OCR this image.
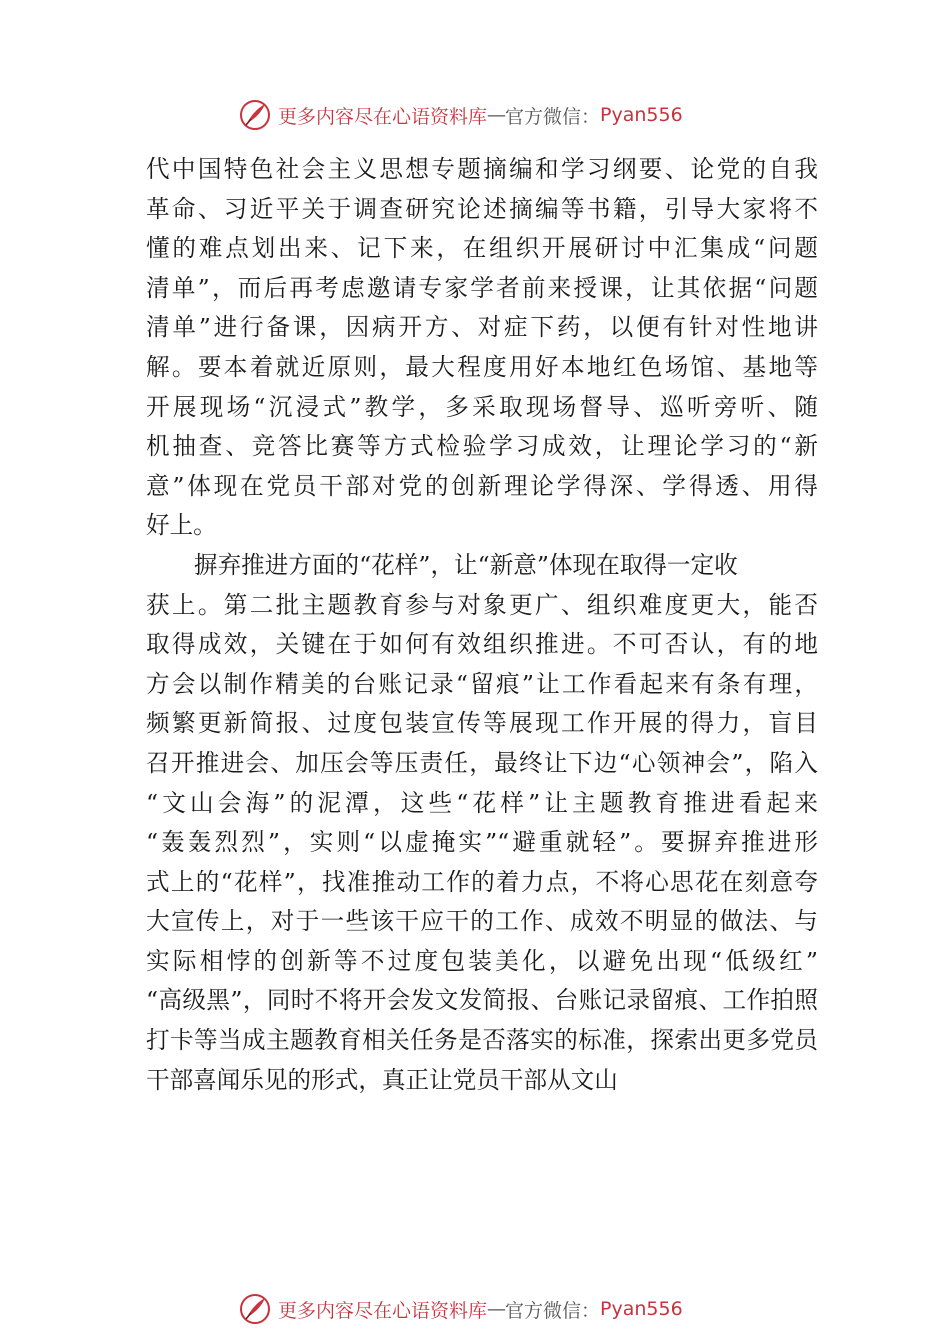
更多内容尽在心语资料库 — 官方微信： Pyan556
代中国特色社会主义思想专题摘编和学习纲要、论党的自我
革命、习近平关于调查研究论述摘编等书籍，引导大家将不
懂的难点划出来、记下来，在组织开展研讨中汇集成“问题
清单”，而后再考虑邀请专家学者前来授课，让其依据“问题
清单”进行备课，因病开方、对症下药，以便有针对性地讲
解。要本着就近原则，最大程度用好本地红色场馆、基地等
开展现场“沉浸式”教学，多采取现场督导、巡听旁听、随
机抽查、竞答比赛等方式检验学习成效，让理论学习的“新
意”体现在党员干部对党的创新理论学得深、学得透、用得
好上。
摒弃推进方面的“花样”，让“新意”体现在取得一定收
获上。第二批主题教育参与对象更广、组织难度更大，能否
取得成效，关键在于如何有效组织推进。不可否认，有的地
方会以制作精美的台账记录“留痕”让工作看起来有条有理，
频繁更新简报、过度包装宣传等展现工作开展的得力，盲目
召开推进会、加压会等压责任，最终让下边“心领神会”，陷入
“文山会海”的泥潭，这些“花样”让主题教育推进看起来
“轰轰烈烈”，实则“以虚掩实”“避重就轻”。要摒弃推进形
式上的“花样”，找准推动工作的着力点，不将心思花在刻意夸
大宣传上，对于一些该干应干的工作、成效不明显的做法、与
实际相悖的创新等不过度包装美化，以避免出现“低级红”
“高级黑”，同时不将开会发文发简报、台账记录留痕、工作拍照
打卡等当成主题教育相关任务是否落实的标准，探索出更多党员
干部喜闻乐见的形式，真正让党员干部从文山
更多内容尽在心语资料库 — 官方微信： Pyan556
